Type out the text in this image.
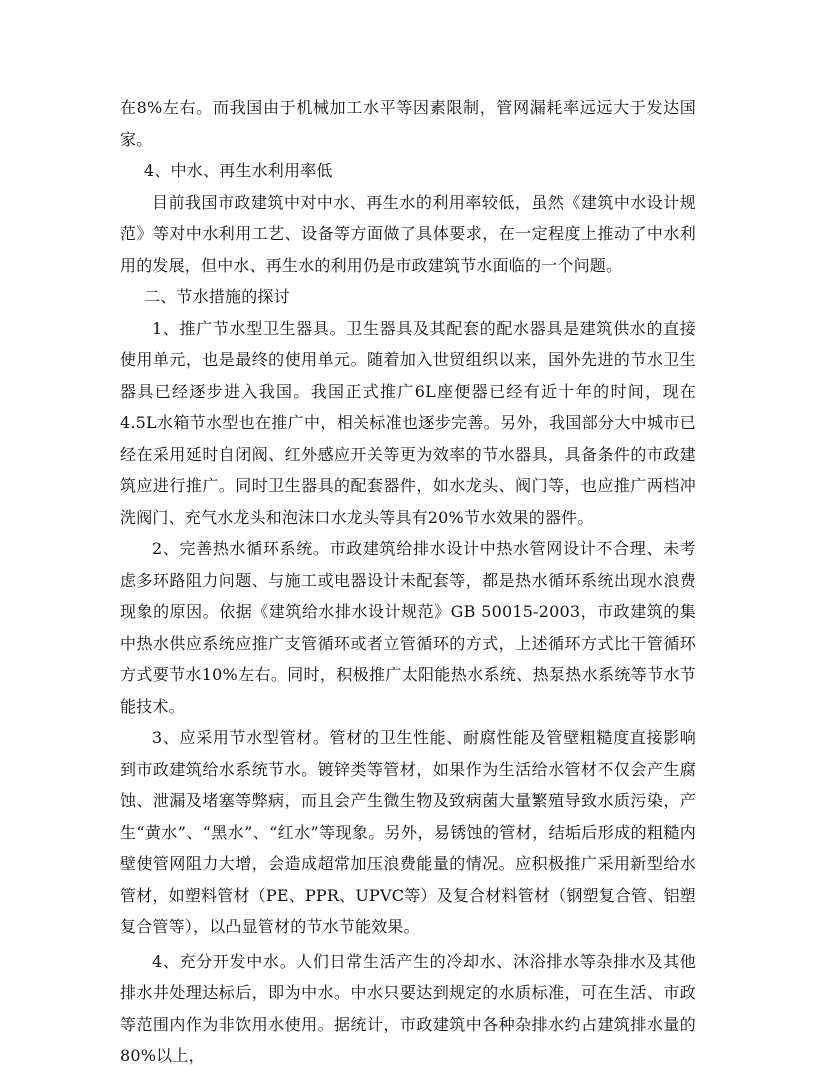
在8%左右。而我国由于机械加工水平等因素限制，管网漏耗率远远大于发达国家。

4、中水、再生水利用率低

目前我国市政建筑中对中水、再生水的利用率较低，虽然《建筑中水设计规范》等对中水利用工艺、设备等方面做了具体要求，在一定程度上推动了中水利用的发展，但中水、再生水的利用仍是市政建筑节水面临的一个问题。

二、节水措施的探讨

1、推广节水型卫生器具。卫生器具及其配套的配水器具是建筑供水的直接使用单元，也是最终的使用单元。随着加入世贸组织以来，国外先进的节水卫生器具已经逐步进入我国。我国正式推广6L座便器已经有近十年的时间，现在4.5L水箱节水型也在推广中，相关标准也逐步完善。另外，我国部分大中城市已经在采用延时自闭阀、红外感应开关等更为效率的节水器具，具备条件的市政建筑应进行推广。同时卫生器具的配套器件，如水龙头、阀门等，也应推广两档冲洗阀门、充气水龙头和泡沫口水龙头等具有20%节水效果的器件。

2、完善热水循环系统。市政建筑给排水设计中热水管网设计不合理、未考虑多环路阻力问题、与施工或电器设计未配套等，都是热水循环系统出现水浪费现象的原因。依据《建筑给水排水设计规范》GB 50015-2003，市政建筑的集中热水供应系统应推广支管循环或者立管循环的方式，上述循环方式比干管循环方式要节水10%左右。同时，积极推广太阳能热水系统、热泵热水系统等节水节能技术。

3、应采用节水型管材。管材的卫生性能、耐腐性能及管壁粗糙度直接影响到市政建筑给水系统节水。镀锌类等管材，如果作为生活给水管材不仅会产生腐蚀、泄漏及堵塞等弊病，而且会产生微生物及致病菌大量繁殖导致水质污染，产生“黄水”、“黑水”、“红水”等现象。另外，易锈蚀的管材，结垢后形成的粗糙内壁使管网阻力大增，会造成超常加压浪费能量的情况。应积极推广采用新型给水管材，如塑料管材（PE、PPR、UPVC等）及复合材料管材（钢塑复合管、铝塑复合管等），以凸显管材的节水节能效果。

4、充分开发中水。人们日常生活产生的冷却水、沐浴排水等杂排水及其他排水井处理达标后，即为中水。中水只要达到规定的水质标准，可在生活、市政等范围内作为非饮用水使用。据统计，市政建筑中各种杂排水约占建筑排水量的80%以上，
